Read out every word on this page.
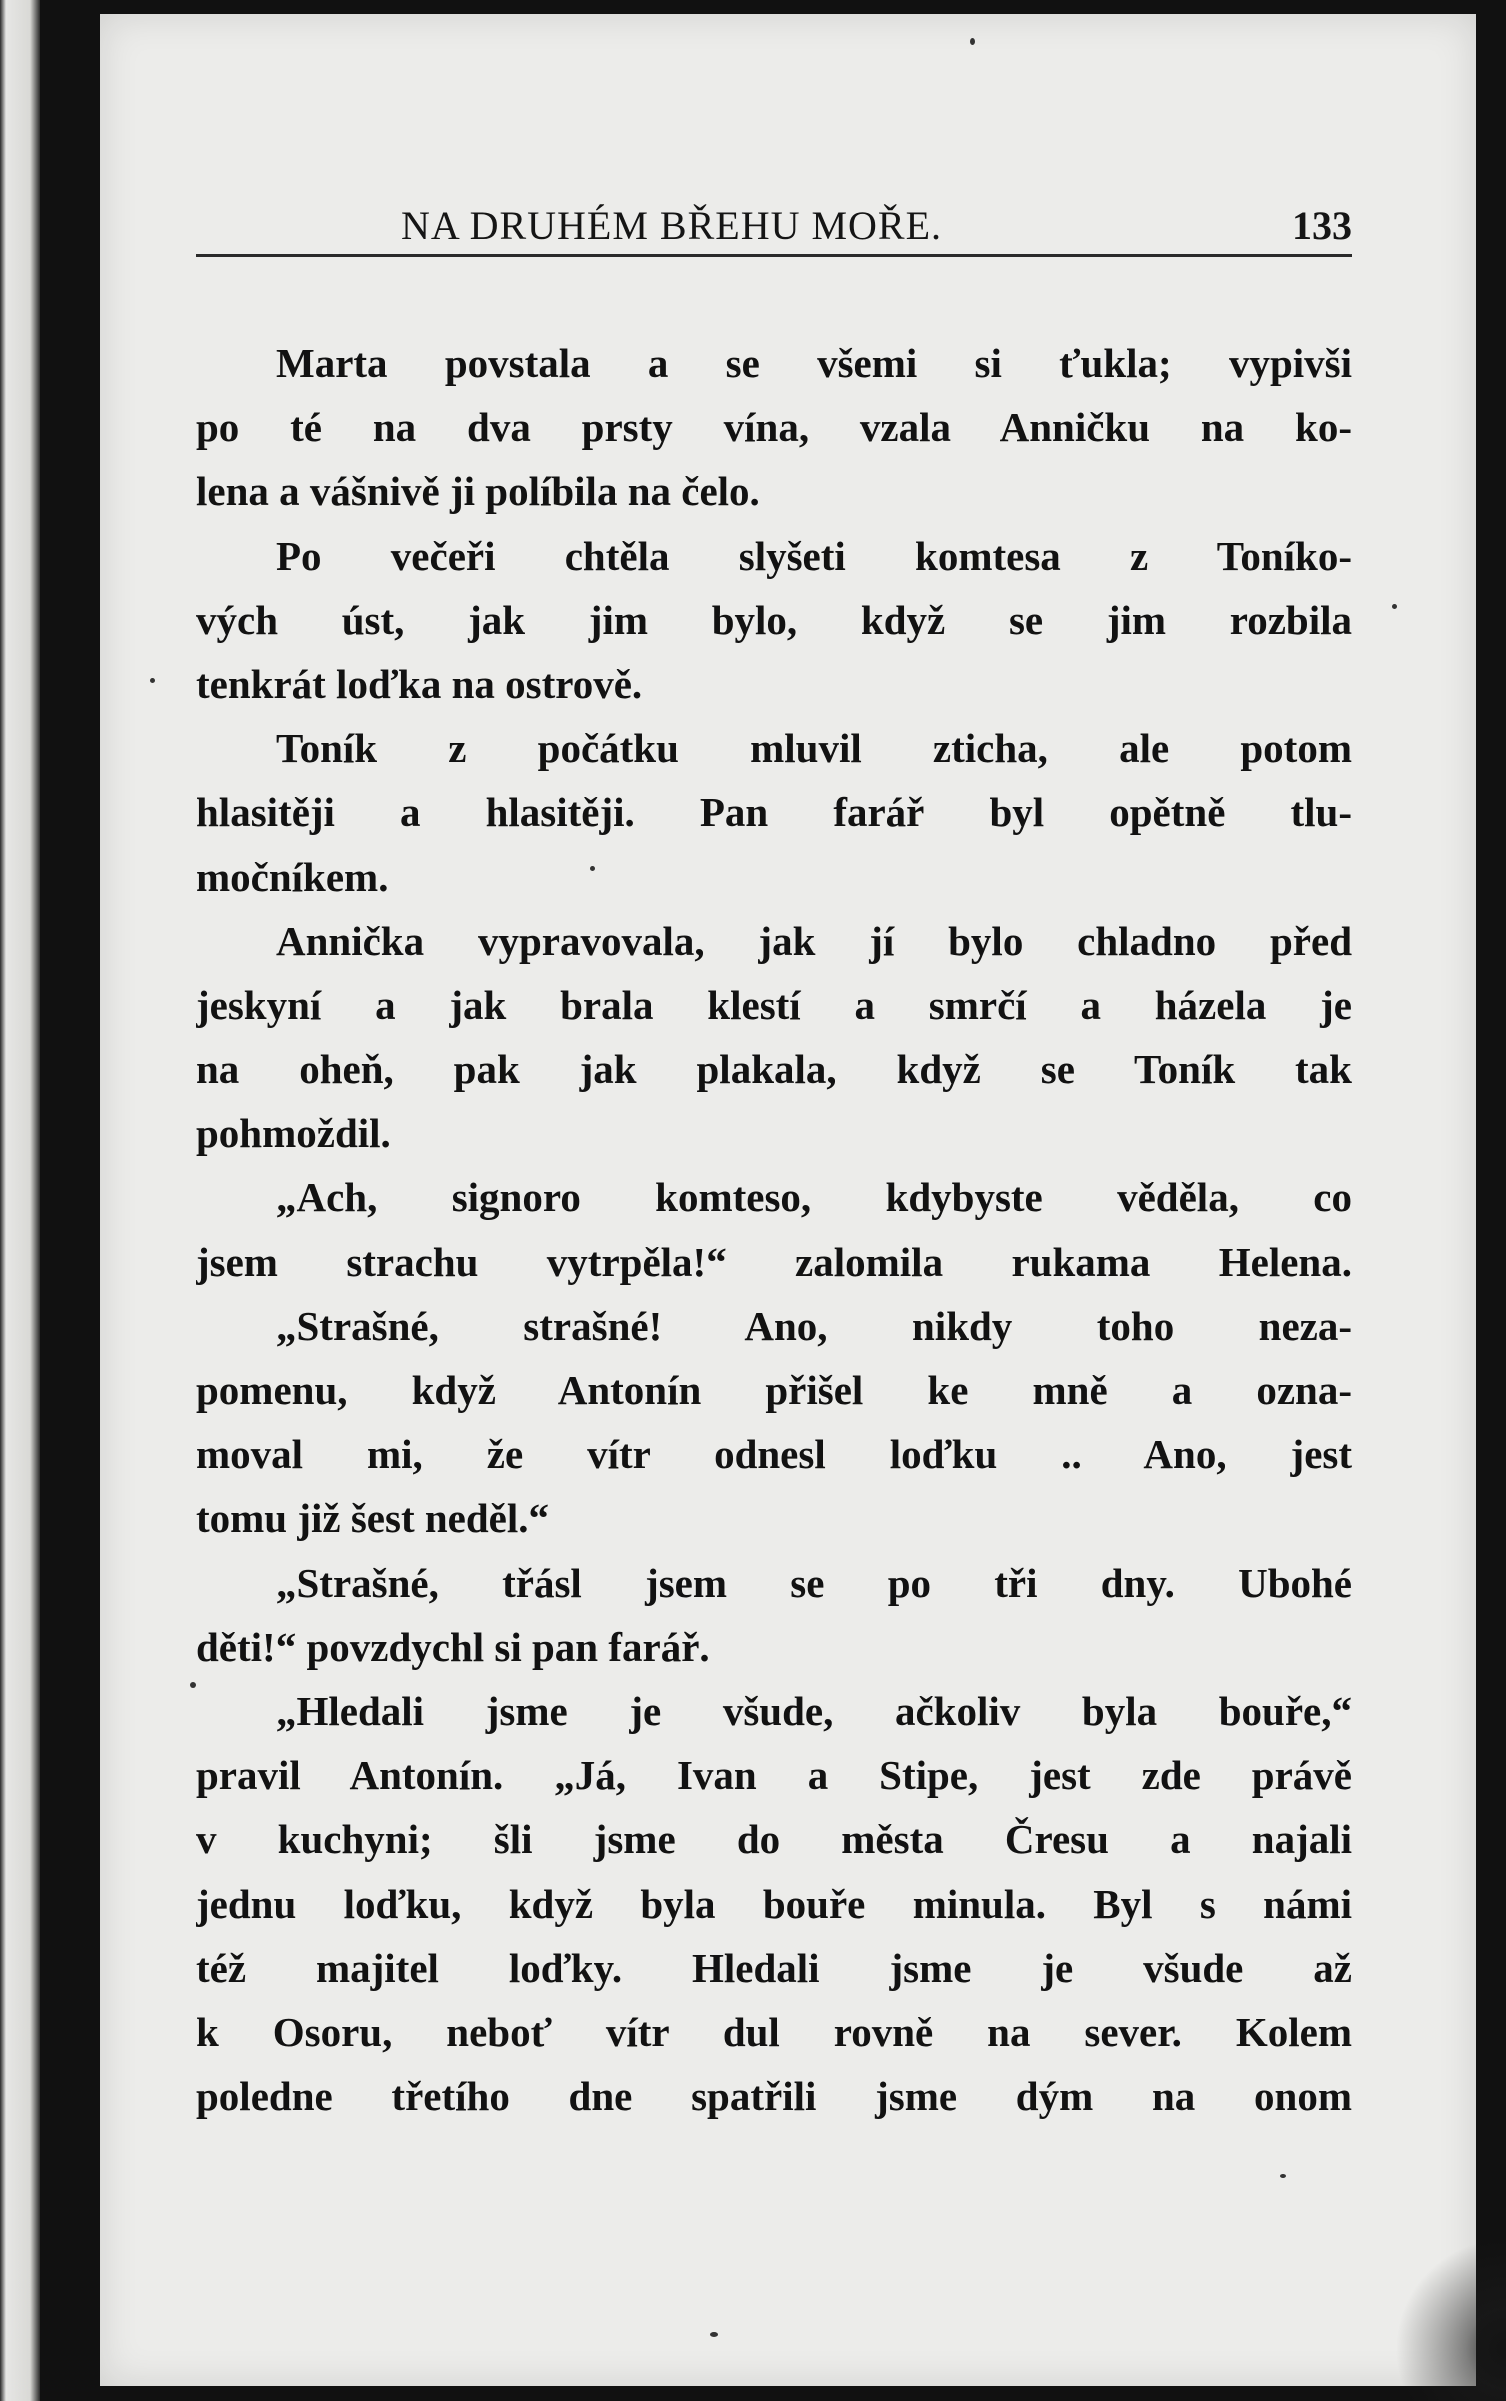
NA DRUHÉM BŘEHU MOŘE.	133
Marta povstala a se všemi si ťukla; vypivši
po té na dva prsty vína, vzala Anničku na ko-
lena a vášnivě ji políbila na čelo.
Po večeři chtěla slyšeti komtesa z Toníko-
vých úst, jak jim bylo, když se jim rozbila
tenkrát loďka na ostrově.
Toník z počátku mluvil zticha, ale potom
hlasitěji a hlasitěji. Pan farář byl opětně tlu-
močníkem.
Annička vypravovala, jak jí bylo chladno před
jeskyní a jak brala klestí a smrčí a házela je
na oheň, pak jak plakala, když se Toník tak
pohmoždil.
„Ach, signoro komteso, kdybyste věděla, co
jsem strachu vytrpěla!“ zalomila rukama Helena.
„Strašné, strašné! Ano, nikdy toho neza-
pomenu, když Antonín přišel ke mně a ozna-
moval mi, že vítr odnesl loďku .. Ano, jest
tomu již šest neděl.“
„Strašné, třásl jsem se po tři dny. Ubohé
děti!“ povzdychl si pan farář.
„Hledali jsme je všude, ačkoliv byla bouře,“
pravil Antonín. „Já, Ivan a Stipe, jest zde právě
v kuchyni; šli jsme do města Čresu a najali
jednu loďku, když byla bouře minula. Byl s námi
též majitel loďky. Hledali jsme je všude až
k Osoru, neboť vítr dul rovně na sever. Kolem
poledne třetího dne spatřili jsme dým na onom
